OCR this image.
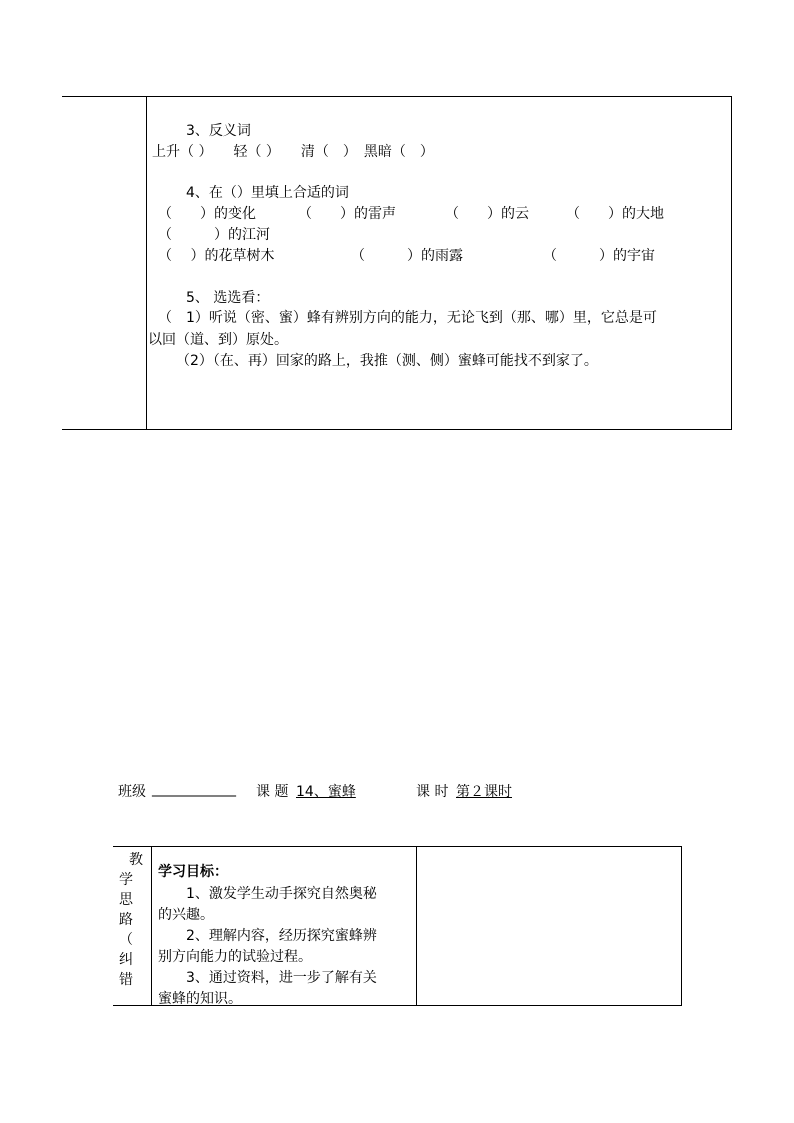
3、反义词
上升（ ）　　轻（ ）　　清（　）　黑暗（　）
4、在（）里填上合适的词
（　　）的变化	（　　）的雷声	（　　）的云	（　　）的大地
（　　　）的江河
（　 ）的花草树木	（　　　）的雨露	（　　　）的宇宙
5、 选选看：
（　1）听说（密、蜜）蜂有辨别方向的能力，无论飞到（那、哪）里，它总是可
以回（道、到）原处。
（2）（在、再）回家的路上，我推（测、侧）蜜蜂可能找不到家了。
班级 ____________ 课 题 14、蜜蜂	课 时 第２课时
教
学
思
路
（
纠
错
学习目标：
　　1、激发学生动手探究自然奥秘
的兴趣。
　　2、理解内容，经历探究蜜蜂辨
别方向能力的试验过程。
　　3、通过资料，进一步了解有关
蜜蜂的知识。
